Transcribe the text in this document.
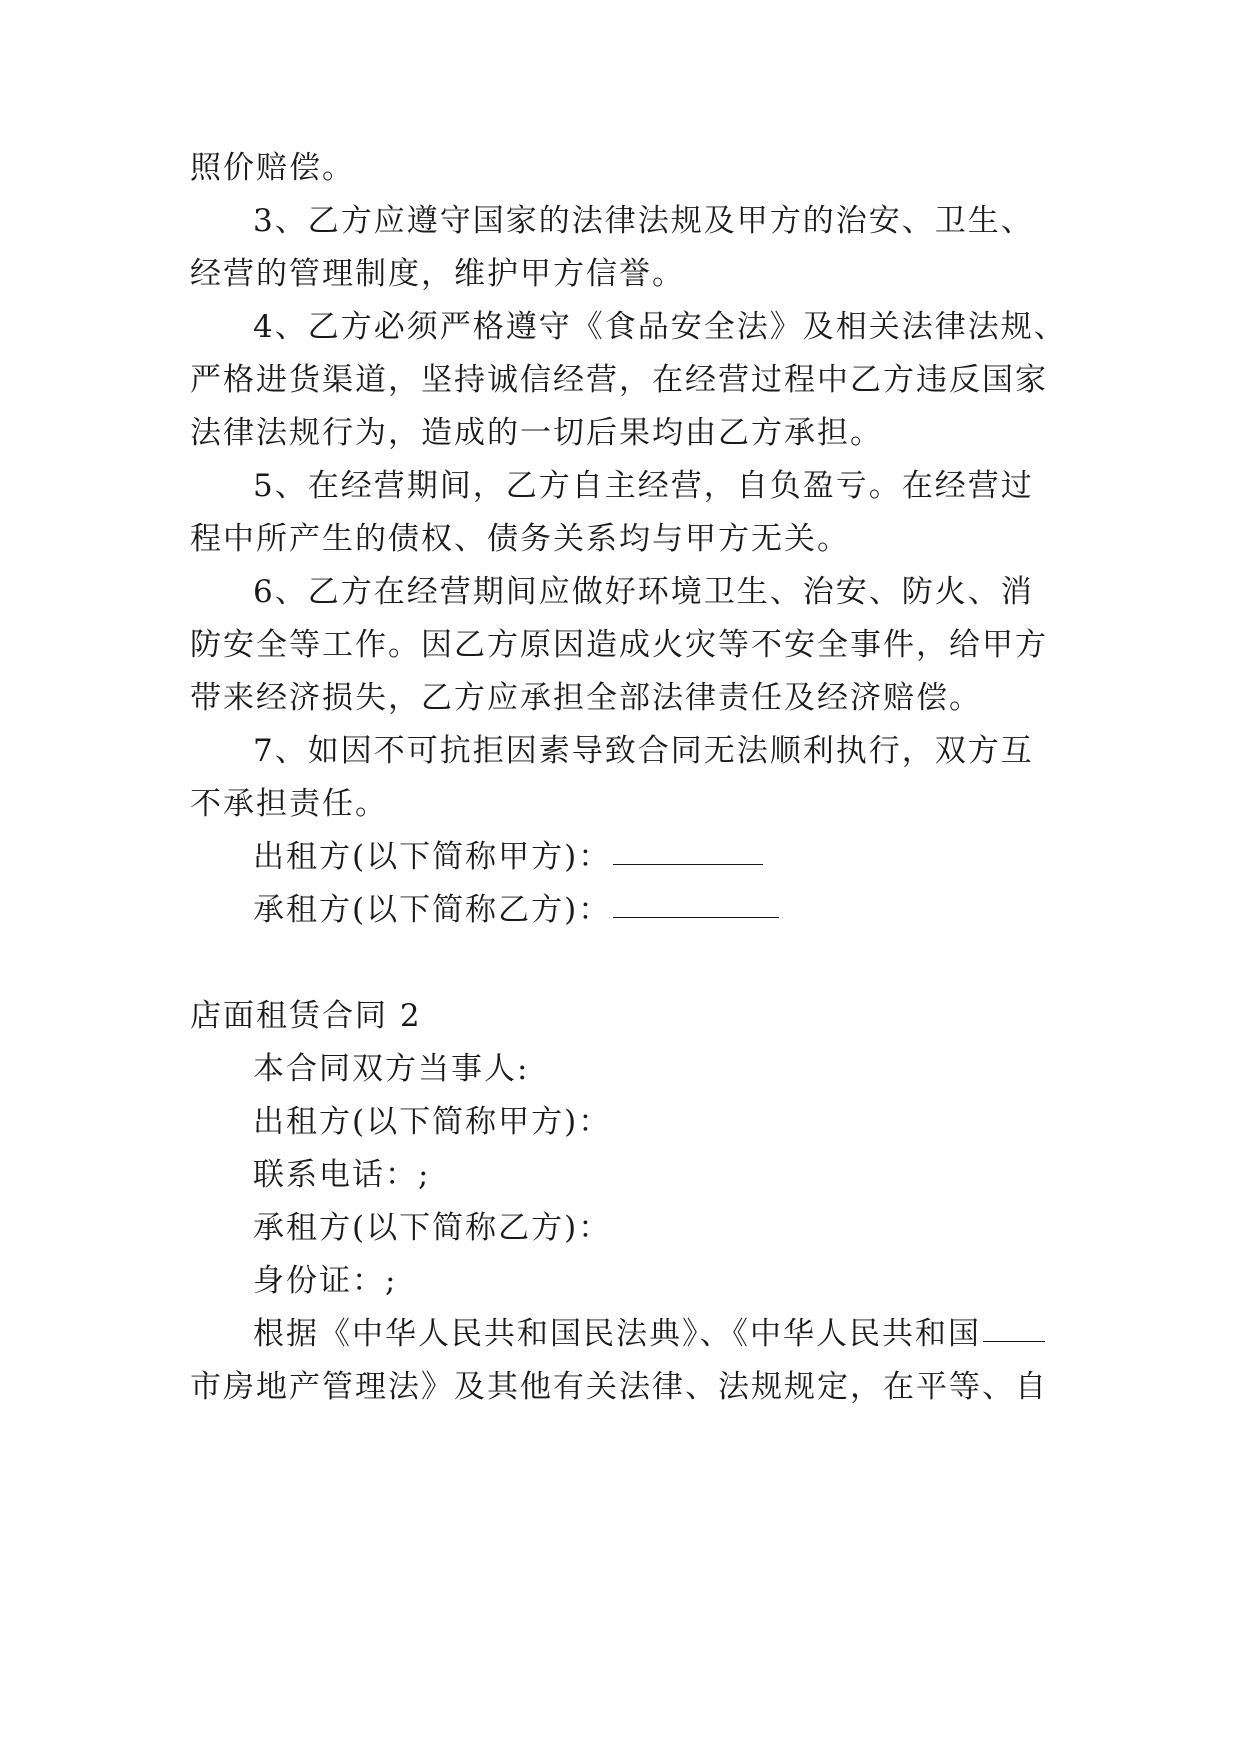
照价赔偿。
3、乙方应遵守国家的法律法规及甲方的治安、卫生、
经营的管理制度，维护甲方信誉。
4、乙方必须严格遵守《食品安全法》及相关法律法规、
严格进货渠道，坚持诚信经营，在经营过程中乙方违反国家
法律法规行为，造成的一切后果均由乙方承担。
5、在经营期间，乙方自主经营，自负盈亏。在经营过
程中所产生的债权、债务关系均与甲方无关。
6、乙方在经营期间应做好环境卫生、治安、防火、消
防安全等工作。因乙方原因造成火灾等不安全事件，给甲方
带来经济损失，乙方应承担全部法律责任及经济赔偿。
7、如因不可抗拒因素导致合同无法顺利执行，双方互
不承担责任。
出租方(以下简称甲方)：
承租方(以下简称乙方)：
店面租赁合同 2
本合同双方当事人:
出租方(以下简称甲方)：
联系电话：;
承租方(以下简称乙方)：
身份证：;
根据《中华人民共和国民法典》、《中华人民共和国
市房地产管理法》及其他有关法律、法规规定，在平等、自
